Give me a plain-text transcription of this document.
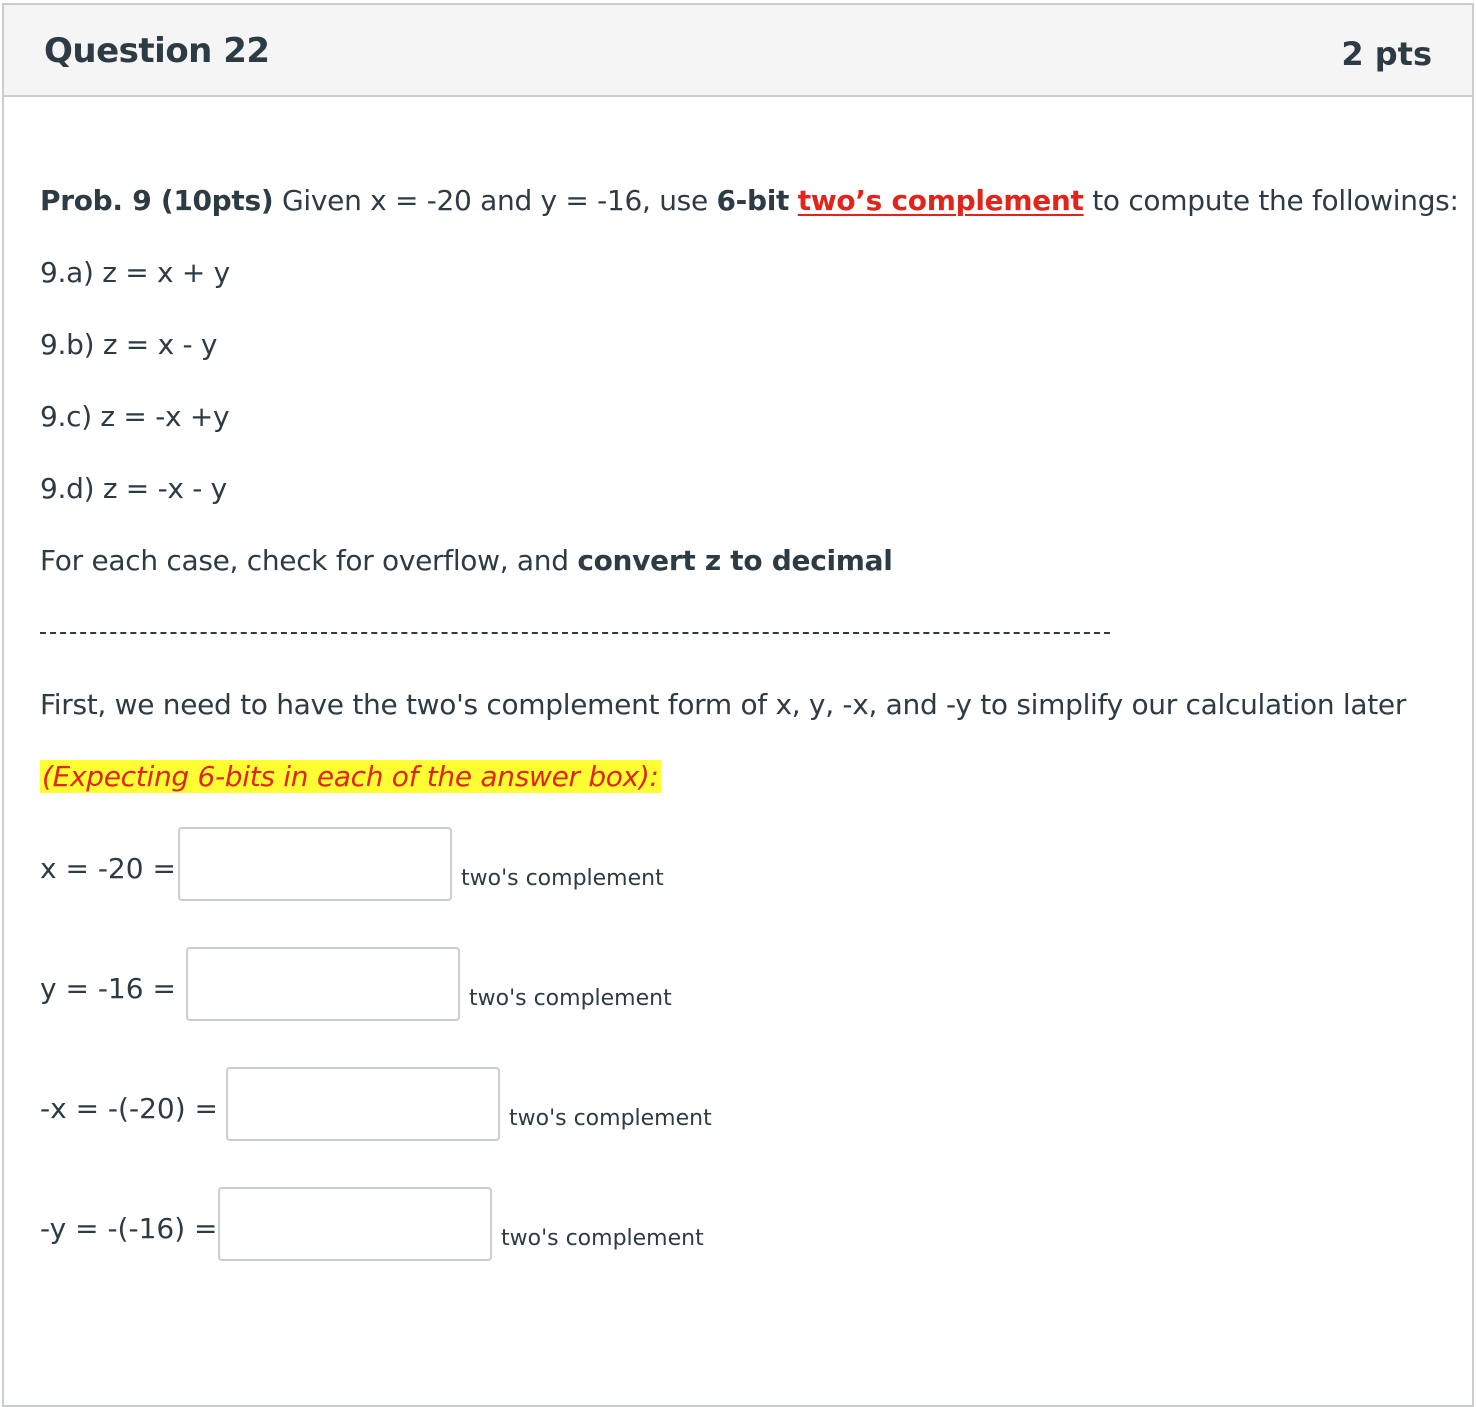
Question 22	2 pts
Prob. 9 (10pts) Given x = -20 and y = -16, use 6-bit two’s complement to compute the followings:
9.a) z = x + y
9.b) z = x - y
9.c) z = -x +y
9.d) z = -x - y
For each case, check for overflow, and convert z to decimal
First, we need to have the two's complement form of x, y, -x, and -y to simplify our calculation later
(Expecting 6-bits in each of the answer box):
x = -20 =	two's complement
y = -16 =	two's complement
-x = -(-20) =	two's complement
-y = -(-16) =	two's complement
